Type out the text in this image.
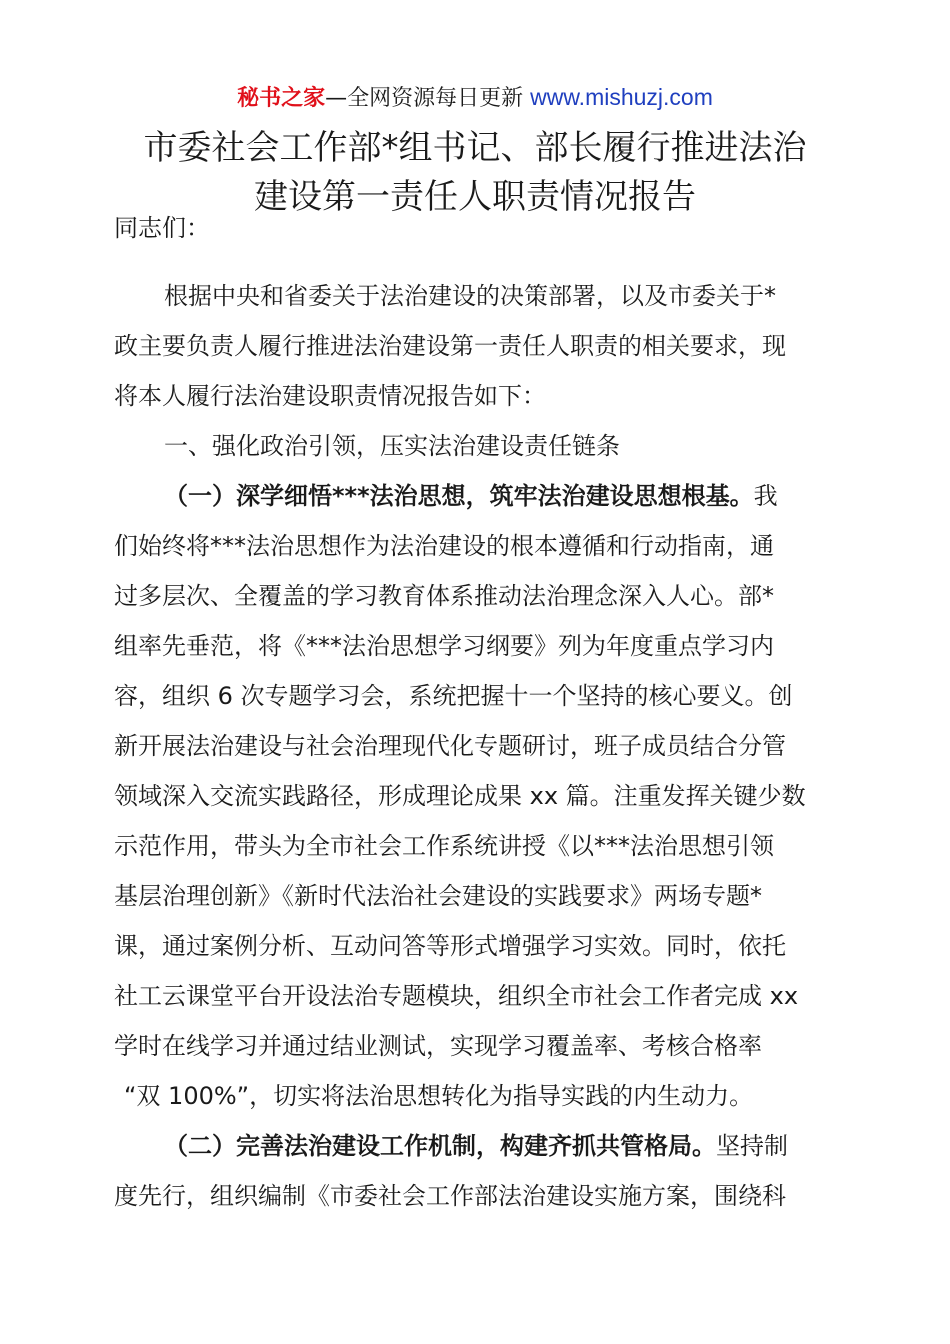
秘书之家—全网资源每日更新 www.mishuzj.com
市委社会工作部*组书记、部长履行推进法治
建设第一责任人职责情况报告
同志们：
根据中央和省委关于法治建设的决策部署，以及市委关于*
政主要负责人履行推进法治建设第一责任人职责的相关要求，现
将本人履行法治建设职责情况报告如下：
一、强化政治引领，压实法治建设责任链条
（一）深学细悟***法治思想，筑牢法治建设思想根基。我
们始终将***法治思想作为法治建设的根本遵循和行动指南，通
过多层次、全覆盖的学习教育体系推动法治理念深入人心。部*
组率先垂范，将《***法治思想学习纲要》列为年度重点学习内
容，组织 6 次专题学习会，系统把握十一个坚持的核心要义。创
新开展法治建设与社会治理现代化专题研讨，班子成员结合分管
领域深入交流实践路径，形成理论成果 xx 篇。注重发挥关键少数
示范作用，带头为全市社会工作系统讲授《以***法治思想引领
基层治理创新》《新时代法治社会建设的实践要求》两场专题*
课，通过案例分析、互动问答等形式增强学习实效。同时，依托
社工云课堂平台开设法治专题模块，组织全市社会工作者完成 xx
学时在线学习并通过结业测试，实现学习覆盖率、考核合格率
“双 100%”，切实将法治思想转化为指导实践的内生动力。
（二）完善法治建设工作机制，构建齐抓共管格局。坚持制
度先行，组织编制《市委社会工作部法治建设实施方案，围绕科
